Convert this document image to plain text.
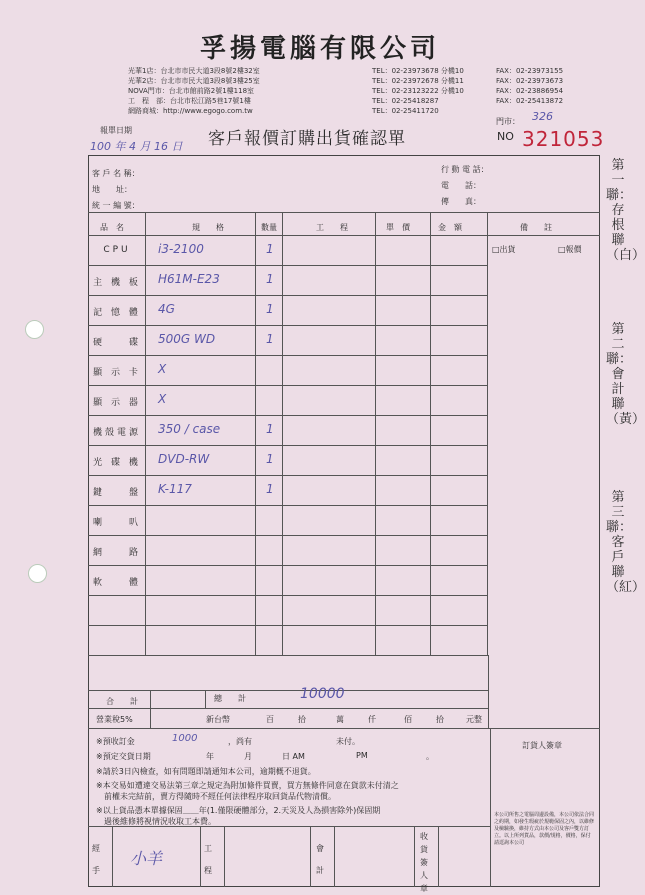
孚揚電腦有限公司
光華1店：台北市市民大道3段8號2樓32室
光華2店：台北市市民大道3段8號3樓25室
NOVA門市：台北市館前路2號1樓118室
工　程　部：台北市松江路5巷17號1樓
網路商城：http://www.egogo.com.tw
TEL：02-23973678 分機10
TEL：02-23972678 分機11
TEL：02-23123222 分機10
TEL：02-25418287
TEL：02-25411720
FAX：02-23973155
FAX：02-23973673
FAX：02-23886954
FAX：02-25413872
報單日期
100 年 4 月 16 日 客戶報價訂購出貨確認單
門市： 326
NO 321053
第一聯：存根聯（白）
第二聯：會計聯（黃）
第三聯：客戶聯（紅）
客 戶 名 稱：
地　　址：
統 一 編 號：
行 動 電 話：
電　　話：
傳　　真：
品　名	規　　格	數量	工　　程	單　價	金　額	備　　註
□出貨	□報價
CPU	i3-2100	1
主 機 板 H61M-E23	1
記 憶 體 4G	1
硬　　碟 500G WD	1
顯 示 卡 X
顯 示 器 X
機殼電源 350 / case	1
光 碟 機 DVD-RW	1
鍵　　盤 K-117	1
喇　　叭
網　　路
軟　　體
合　　計	總　　計	10000
營業稅5%	新台幣	百	拾	萬	仟	佰	拾	元整
※預收訂金	1000	，尚有	未付。
※預定交貨日期	年	月	日 AM	PM	。
※請於3日內檢查，如有問題即請通知本公司，逾期概不退貨。
※本交易如遭違交易法第三章之規定為附加條件買賣，買方無條件同意在貨款未付清之
　前權未完結前，賣方得隨時不經任何法律程序取回貨品代物清償。
※以上貨品憑本單據保固＿＿年(1.僅限硬體部分，2.天災及人為損害除外)保固期
　過後維修將視情況收取工本費。
訂貨人簽章
本公司所售之電腦周邊設備，本公司依法合同之約期，如發生瑕疵於規範保固之內，以維修及檢驗換，維持方式由本公司及客戶雙方訂立。以上所列貨品，款價/規格，價格，保付請逕詢本公司
經　手
小羊
工　程
會　計
收貨簽人章
